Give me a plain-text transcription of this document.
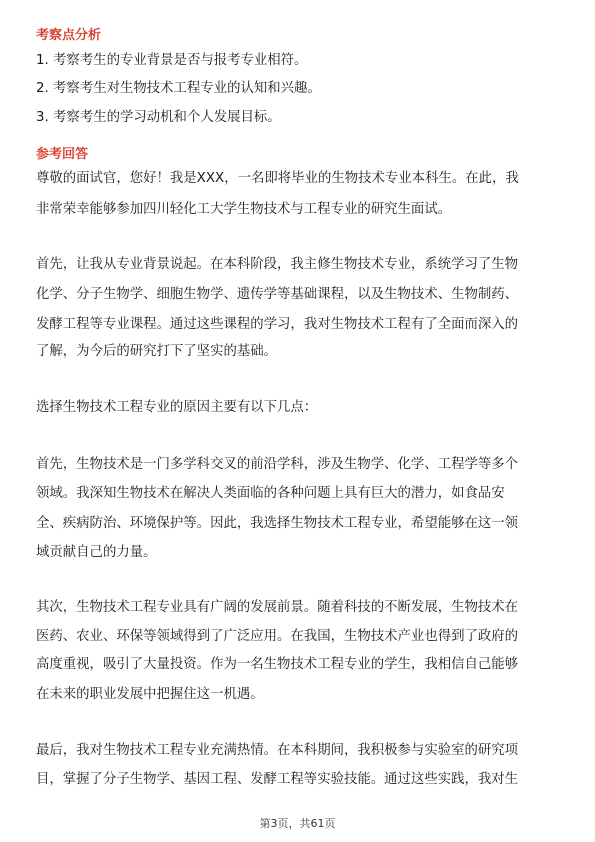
考察点分析
1. 考察考生的专业背景是否与报考专业相符。
2. 考察考生对生物技术工程专业的认知和兴趣。
3. 考察考生的学习动机和个人发展目标。
参考回答
尊敬的面试官，您好！我是XXX，一名即将毕业的生物技术专业本科生。在此，我
非常荣幸能够参加四川轻化工大学生物技术与工程专业的研究生面试。
首先，让我从专业背景说起。在本科阶段，我主修生物技术专业，系统学习了生物
化学、分子生物学、细胞生物学、遗传学等基础课程，以及生物技术、生物制药、
发酵工程等专业课程。通过这些课程的学习，我对生物技术工程有了全面而深入的
了解，为今后的研究打下了坚实的基础。
选择生物技术工程专业的原因主要有以下几点：
首先，生物技术是一门多学科交叉的前沿学科，涉及生物学、化学、工程学等多个
领域。我深知生物技术在解决人类面临的各种问题上具有巨大的潜力，如食品安
全、疾病防治、环境保护等。因此，我选择生物技术工程专业，希望能够在这一领
域贡献自己的力量。
其次，生物技术工程专业具有广阔的发展前景。随着科技的不断发展，生物技术在
医药、农业、环保等领域得到了广泛应用。在我国，生物技术产业也得到了政府的
高度重视，吸引了大量投资。作为一名生物技术工程专业的学生，我相信自己能够
在未来的职业发展中把握住这一机遇。
最后，我对生物技术工程专业充满热情。在本科期间，我积极参与实验室的研究项
目，掌握了分子生物学、基因工程、发酵工程等实验技能。通过这些实践，我对生
第3页，共61页
